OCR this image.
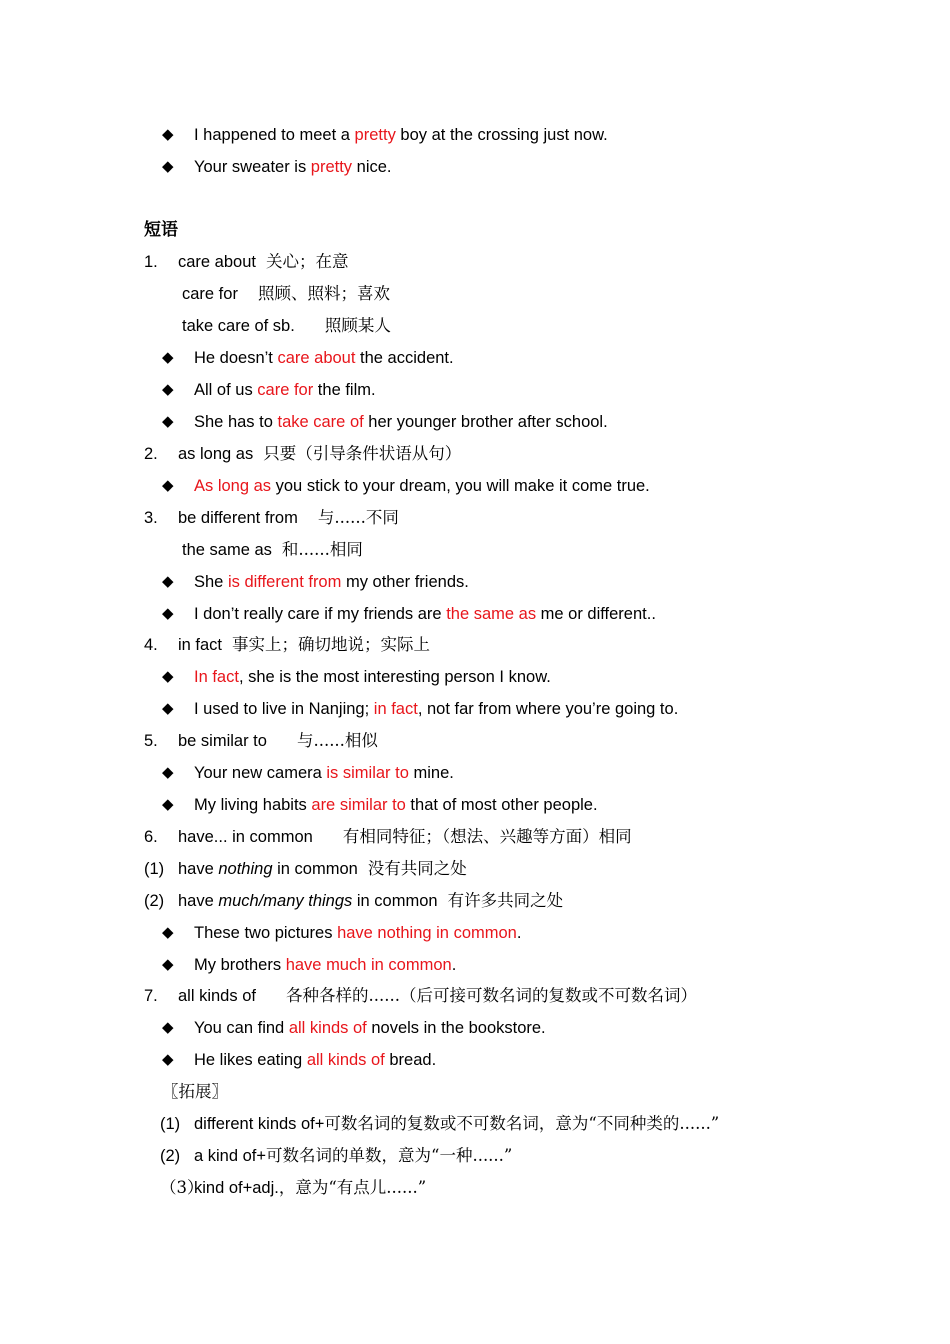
◆ I happened to meet a pretty boy at the crossing just now.
◆ Your sweater is pretty nice.
短语
1. care about 关心；在意
care for 照顾、照料；喜欢
take care of sb. 照顾某人
◆ He doesn’t care about the accident.
◆ All of us care for the film.
◆ She has to take care of her younger brother after school.
2. as long as 只要（引导条件状语从句）
◆ As long as you stick to your dream, you will make it come true.
3. be different from 与......不同
the same as 和......相同
◆ She is different from my other friends.
◆ I don’t really care if my friends are the same as me or different..
4. in fact 事实上；确切地说；实际上
◆ In fact, she is the most interesting person I know.
◆ I used to live in Nanjing; in fact, not far from where you’re going to.
5. be similar to 与......相似
◆ Your new camera is similar to mine.
◆ My living habits are similar to that of most other people.
6. have... in common 有相同特征；（想法、兴趣等方面）相同
(1) have nothing in common 没有共同之处
(2) have much/many things in common 有许多共同之处
◆ These two pictures have nothing in common.
◆ My brothers have much in common.
7. all kinds of 各种各样的......（后可接可数名词的复数或不可数名词）
◆ You can find all kinds of novels in the bookstore.
◆ He likes eating all kinds of bread.
〖拓展〗
(1) different kinds of+可数名词的复数或不可数名词，意为“不同种类的......”
(2) a kind of+可数名词的单数，意为“一种......”
（3）
kind of+adj.，意为“有点儿......”
